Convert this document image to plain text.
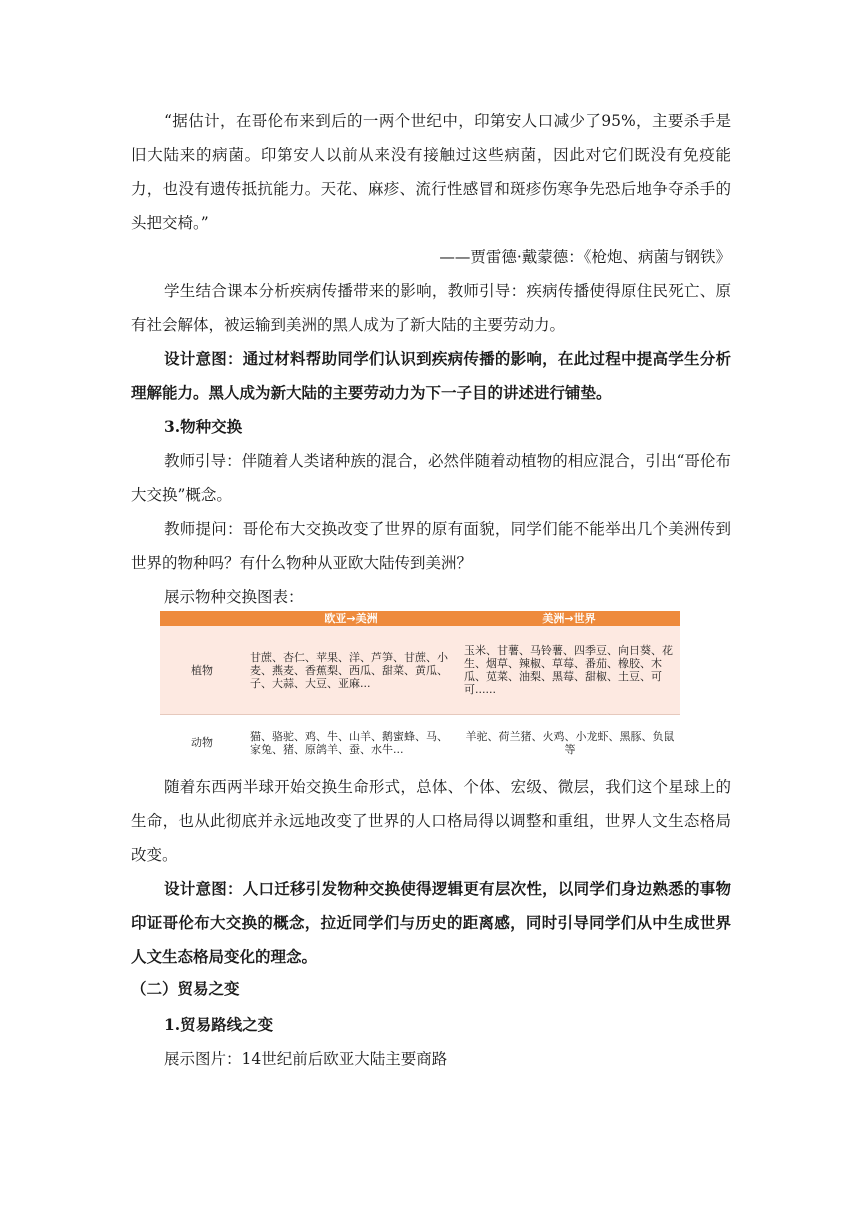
“据估计，在哥伦布来到后的一两个世纪中，印第安人口减少了95%，主要杀手是旧大陆来的病菌。印第安人以前从来没有接触过这些病菌，因此对它们既没有免疫能力，也没有遗传抵抗能力。天花、麻疹、流行性感冒和斑疹伤寒争先恐后地争夺杀手的头把交椅。”

——贾雷德·戴蒙德：《枪炮、病菌与钢铁》

学生结合课本分析疾病传播带来的影响，教师引导：疾病传播使得原住民死亡、原有社会解体，被运输到美洲的黑人成为了新大陆的主要劳动力。

设计意图：通过材料帮助同学们认识到疾病传播的影响，在此过程中提高学生分析理解能力。黑人成为新大陆的主要劳动力为下一子目的讲述进行铺垫。

3.物种交换

教师引导：伴随着人类诸种族的混合，必然伴随着动植物的相应混合，引出“哥伦布大交换”概念。

教师提问：哥伦布大交换改变了世界的原有面貌，同学们能不能举出几个美洲传到世界的物种吗？有什么物种从亚欧大陆传到美洲？

展示物种交换图表：

	欧亚→美洲	美洲→世界
植物	甘蔗、杏仁、苹果、洋、芦笋、甘蔗、小麦、燕麦、香蕉梨、西瓜、甜菜、黄瓜、子、大蒜、大豆、亚麻...	玉米、甘薯、马铃薯、四季豆、向日葵、花生、烟草、辣椒、草莓、番茄、橡胶、木瓜、苋菜、油梨、黑莓、甜椒、土豆、可可......

动物	猫、骆驼、鸡、牛、山羊、鹅蜜蜂、马、家兔、猪、原鸽羊、蚕、水牛...	羊驼、荷兰猪、火鸡、小龙虾、黑豚、负鼠等

随着东西两半球开始交换生命形式，总体、个体、宏级、微层，我们这个星球上的生命，也从此彻底并永远地改变了世界的人口格局得以调整和重组，世界人文生态格局改变。

设计意图：人口迁移引发物种交换使得逻辑更有层次性，以同学们身边熟悉的事物印证哥伦布大交换的概念，拉近同学们与历史的距离感，同时引导同学们从中生成世界人文生态格局变化的理念。

（二）贸易之变

1.贸易路线之变

展示图片：14世纪前后欧亚大陆主要商路
